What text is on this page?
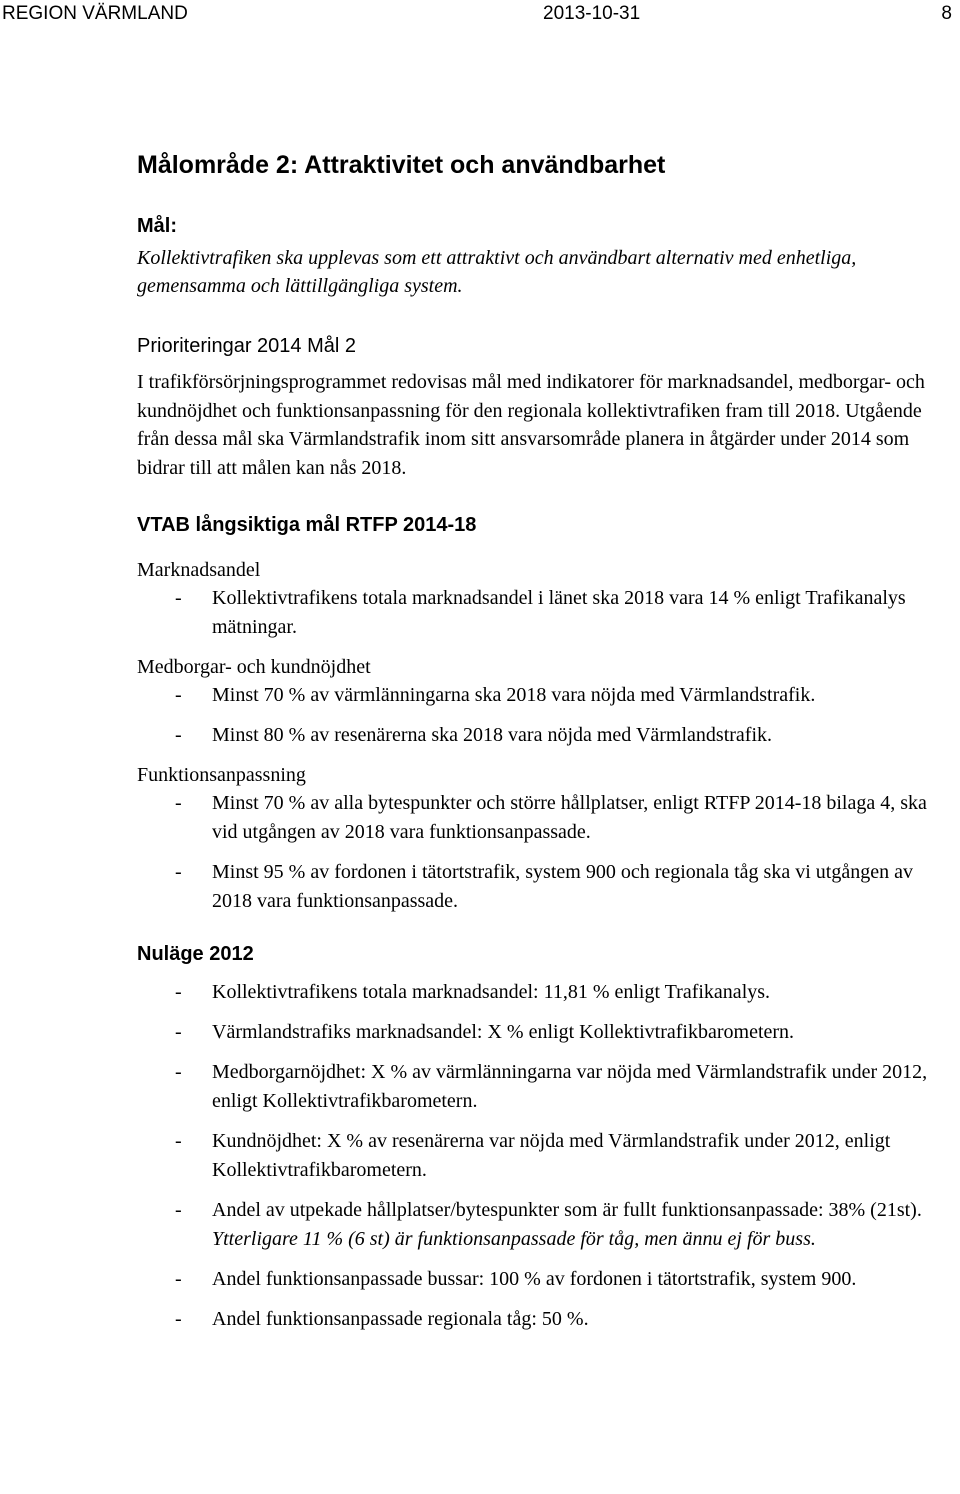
REGION VÄRMLAND	2013-10-31	8
Målområde 2: Attraktivitet och användbarhet
Mål:
Kollektivtrafiken ska upplevas som ett attraktivt och användbart alternativ med enhetliga, gemensamma och lättillgängliga system.
Prioriteringar 2014 Mål 2

I trafikförsörjningsprogrammet redovisas mål med indikatorer för marknadsandel, medborgar- och kundnöjdhet och funktionsanpassning för den regionala kollektivtrafiken fram till 2018. Utgående från dessa mål ska Värmlandstrafik inom sitt ansvarsområde planera in åtgärder under 2014 som bidrar till att målen kan nås 2018.

VTAB långsiktiga mål RTFP 2014-18
Marknadsandel
- Kollektivtrafikens totala marknadsandel i länet ska 2018 vara 14 % enligt Trafikanalys mätningar.
Medborgar- och kundnöjdhet
- Minst 70 % av värmlänningarna ska 2018 vara nöjda med Värmlandstrafik.
- Minst 80 % av resenärerna ska 2018 vara nöjda med Värmlandstrafik.
Funktionsanpassning
- Minst 70 % av alla bytespunkter och större hållplatser, enligt RTFP 2014-18 bilaga 4, ska vid utgången av 2018 vara funktionsanpassade.
- Minst 95 % av fordonen i tätortstrafik, system 900 och regionala tåg ska vi utgången av 2018 vara funktionsanpassade.
Nuläge 2012
- Kollektivtrafikens totala marknadsandel: 11,81 % enligt Trafikanalys.
- Värmlandstrafiks marknadsandel: X % enligt Kollektivtrafikbarometern.
- Medborgarnöjdhet: X % av värmlänningarna var nöjda med Värmlandstrafik under 2012, enligt Kollektivtrafikbarometern.
- Kundnöjdhet: X % av resenärerna var nöjda med Värmlandstrafik under 2012, enligt Kollektivtrafikbarometern.
- Andel av utpekade hållplatser/bytespunkter som är fullt funktionsanpassade: 38% (21st).
Ytterligare 11 % (6 st) är funktionsanpassade för tåg, men ännu ej för buss.
- Andel funktionsanpassade bussar: 100 % av fordonen i tätortstrafik, system 900.
- Andel funktionsanpassade regionala tåg: 50 %.
